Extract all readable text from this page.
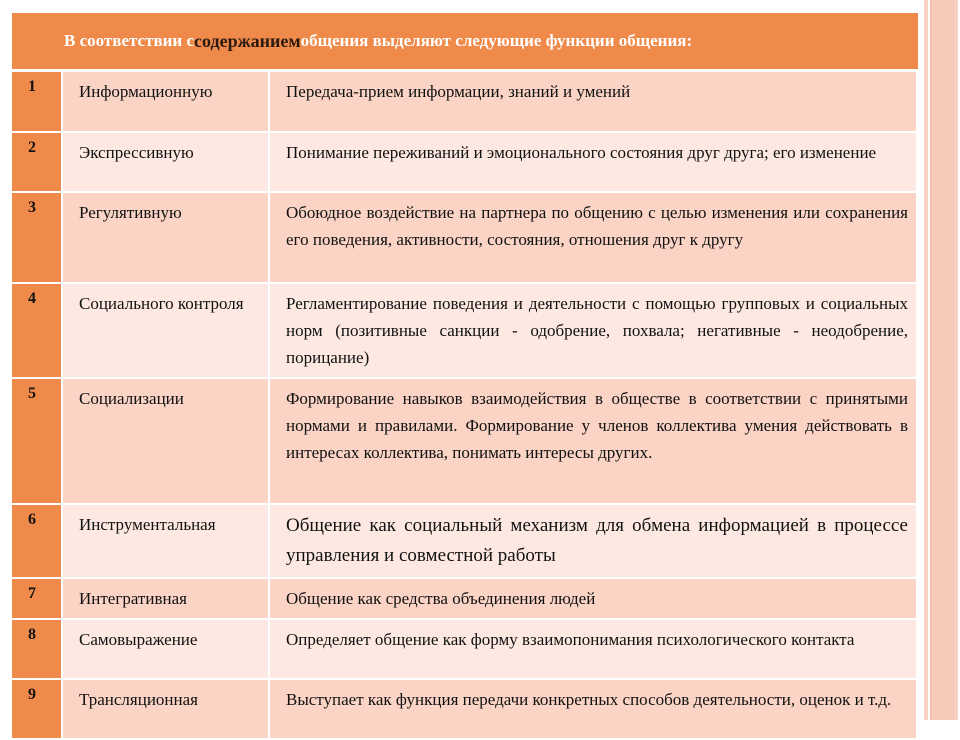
В соответствии с содержанием общения выделяют следующие функции общения:
1	Информационную	Передача-прием информации, знаний и умений
2	Экспрессивную	Понимание переживаний и эмоционального состояния друг друга; его изменение
3	Регулятивную	Обоюдное воздействие на партнера по общению с целью изменения или сохранения его поведения, активности, состояния, отношения друг к другу
4	Социального контроля	Регламентирование поведения и деятельности с помощью групповых и социальных норм (позитивные санкции - одобрение, похвала; негативные - неодобрение, порицание)
5	Социализации	Формирование навыков взаимодействия в обществе в соответствии с принятыми нормами и правилами. Формирование у членов коллектива умения действовать в интересах коллектива, понимать интересы других.
6	Инструментальная	Общение как социальный механизм для обмена информацией в процессе управления и совместной работы
7	Интегративная	Общение как средства объединения людей
8	Самовыражение	Определяет общение как форму взаимопонимания психологического контакта
9	Трансляционная	Выступает как функция передачи конкретных способов деятельности, оценок и т.д.
